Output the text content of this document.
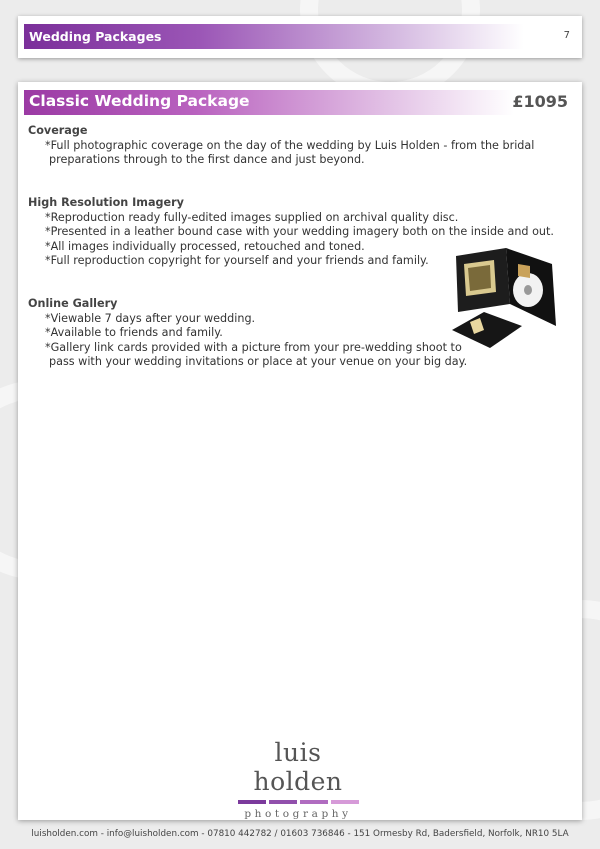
Wedding Packages	7
Classic Wedding Package	£1095
Coverage
*Full photographic coverage on the day of the wedding by Luis Holden - from the bridal
preparations through to the first dance and just beyond.
High Resolution Imagery
*Reproduction ready fully-edited images supplied on archival quality disc.
*Presented in a leather bound case with your wedding imagery both on the inside and out.
*All images individually processed, retouched and toned.
*Full reproduction copyright for yourself and your friends and family.
Online Gallery
*Viewable 7 days after your wedding.
*Available to friends and family.
*Gallery link cards provided with a picture from your pre-wedding shoot to
pass with your wedding invitations or place at your venue on your big day.
luis holden
photography
luisholden.com - info@luisholden.com - 07810 442782 / 01603 736846 - 151 Ormesby Rd, Badersfield, Norfolk, NR10 5LA
